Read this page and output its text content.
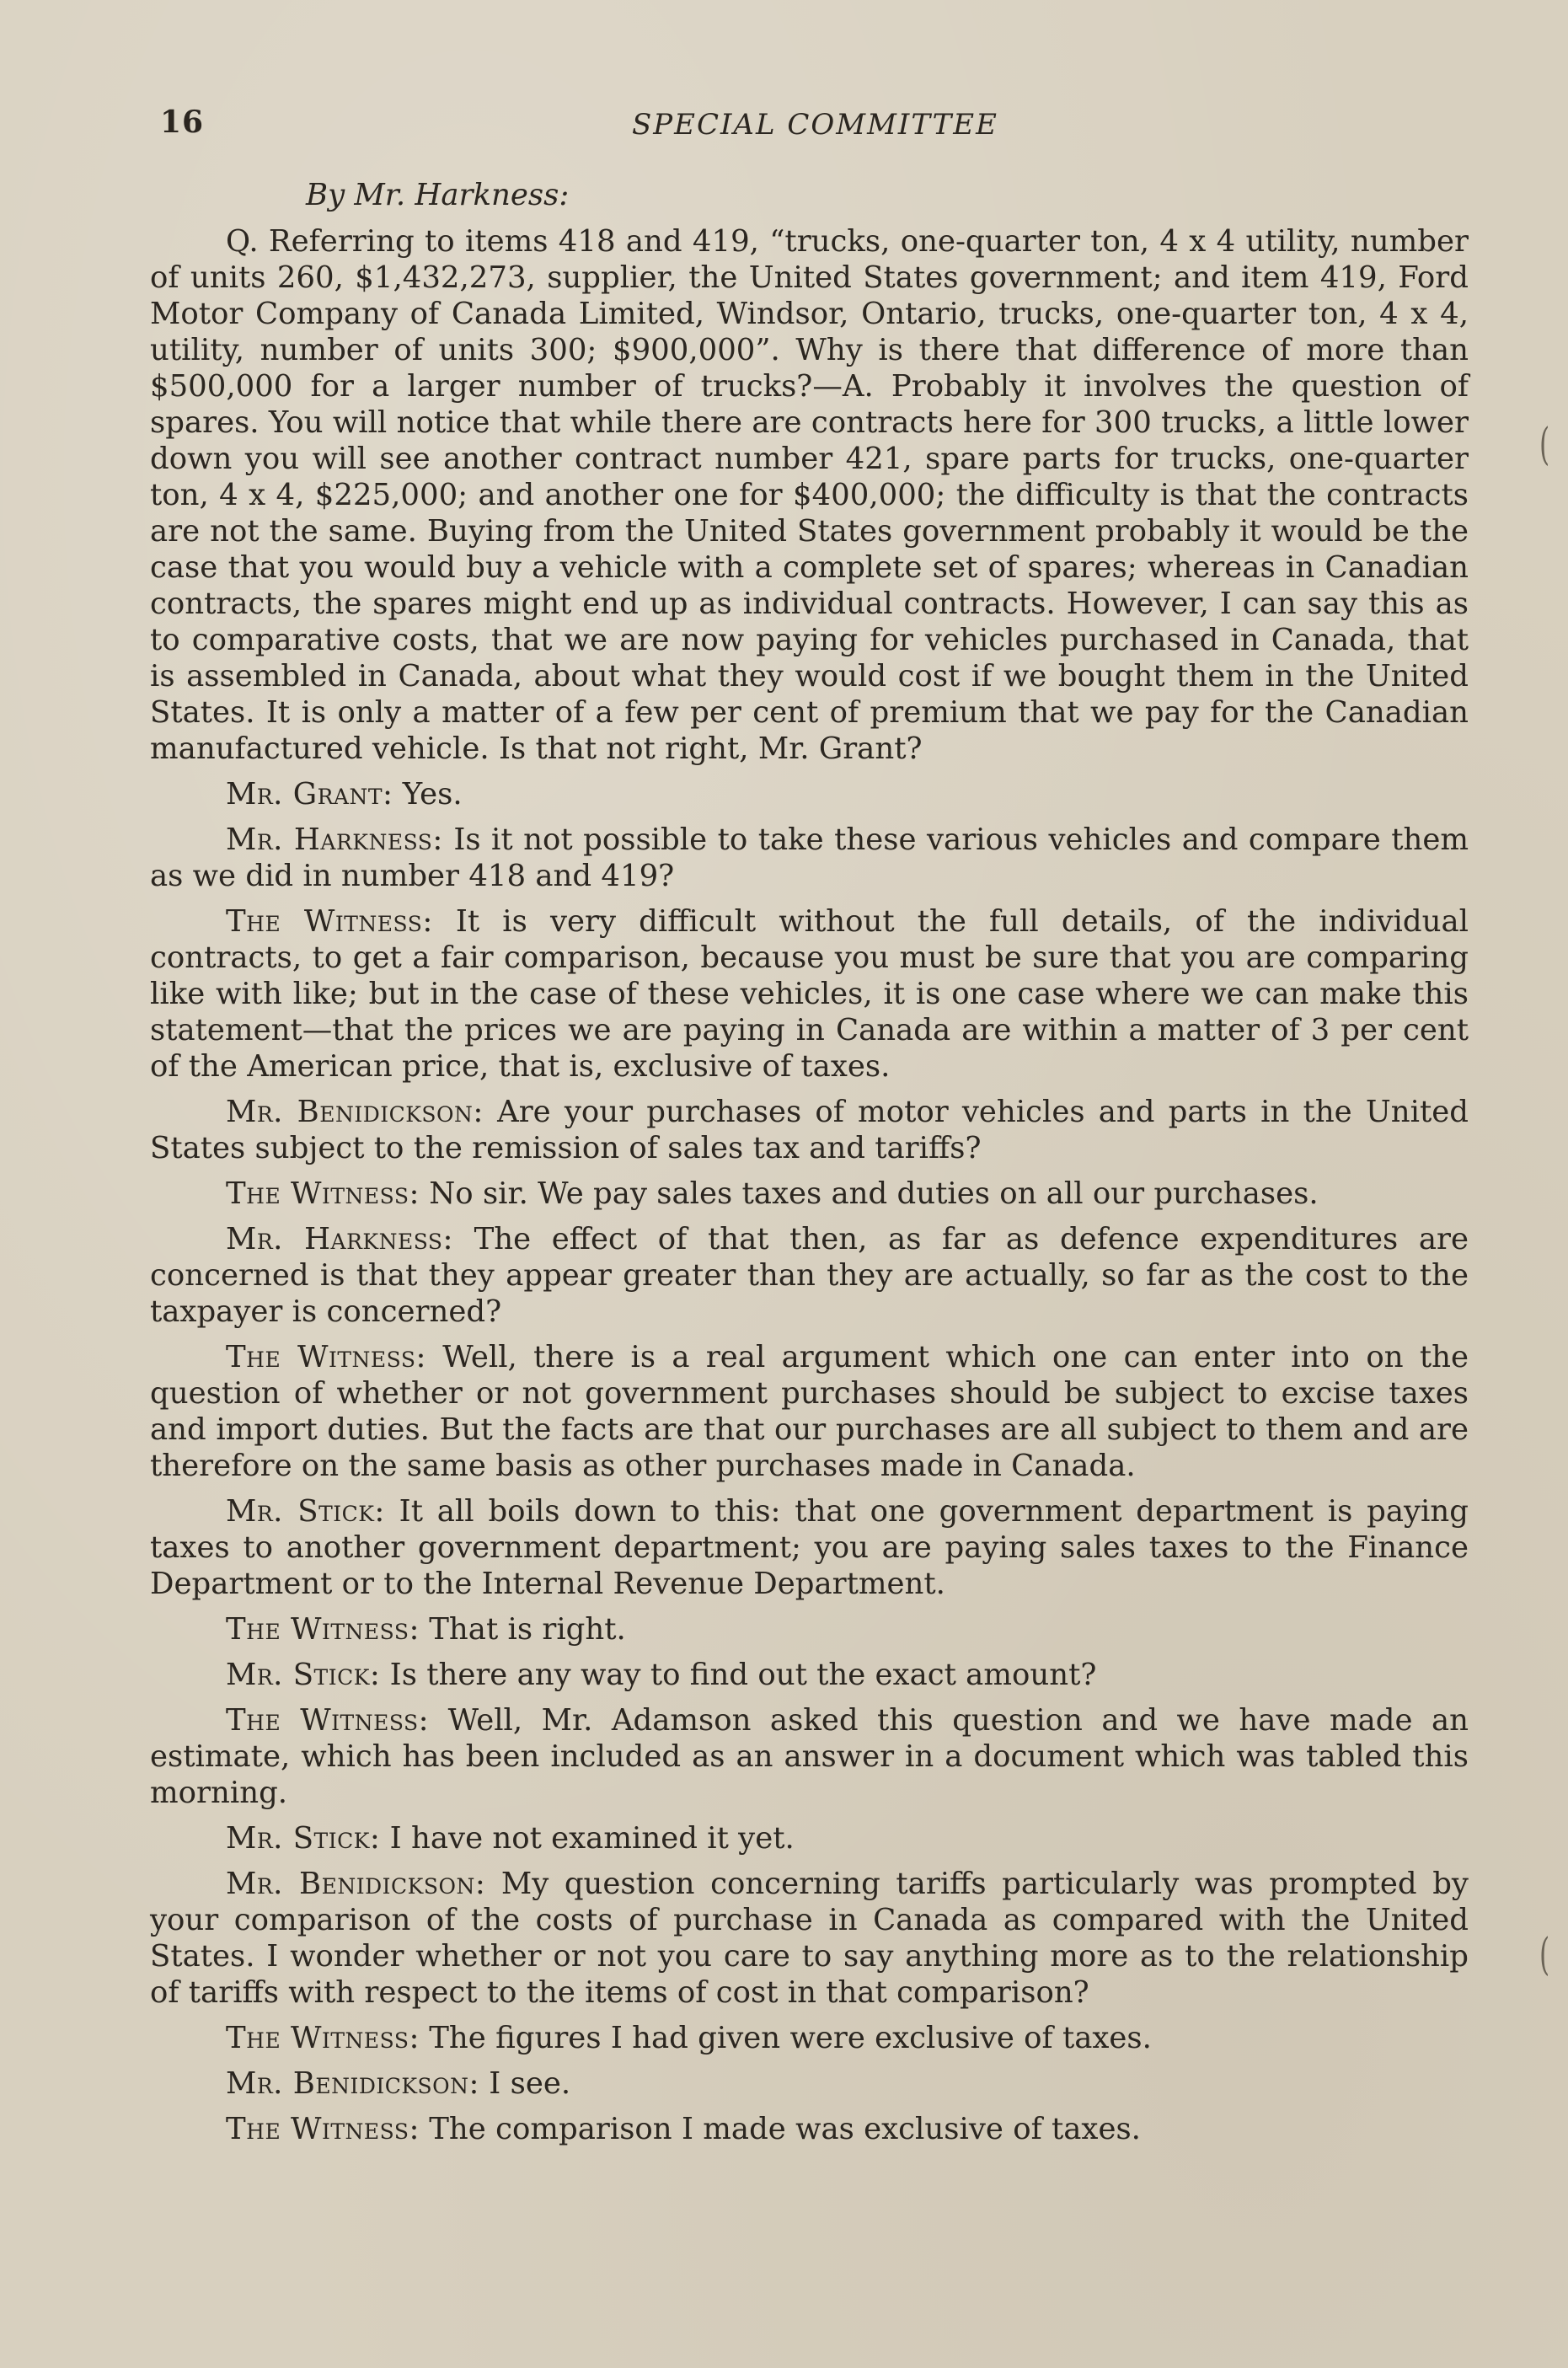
16	SPECIAL COMMITTEE

By Mr. Harkness:

Q. Referring to items 418 and 419, “trucks, one-quarter ton, 4 x 4 utility, number of units 260, $1,432,273, supplier, the United States government; and item 419, Ford Motor Company of Canada Limited, Windsor, Ontario, trucks, one-quarter ton, 4 x 4, utility, number of units 300; $900,000”. Why is there that difference of more than $500,000 for a larger number of trucks?—A. Probably it involves the question of spares. You will notice that while there are contracts here for 300 trucks, a little lower down you will see another contract number 421, spare parts for trucks, one-quarter ton, 4 x 4, $225,000; and another one for $400,000; the difficulty is that the contracts are not the same. Buying from the United States government probably it would be the case that you would buy a vehicle with a complete set of spares; whereas in Canadian contracts, the spares might end up as individual contracts. However, I can say this as to comparative costs, that we are now paying for vehicles purchased in Canada, that is assembled in Canada, about what they would cost if we bought them in the United States. It is only a matter of a few per cent of premium that we pay for the Canadian manufactured vehicle. Is that not right, Mr. Grant?

Mr. Grant: Yes.

Mr. Harkness: Is it not possible to take these various vehicles and compare them as we did in number 418 and 419?

The Witness: It is very difficult without the full details, of the individual contracts, to get a fair comparison, because you must be sure that you are comparing like with like; but in the case of these vehicles, it is one case where we can make this statement—that the prices we are paying in Canada are within a matter of 3 per cent of the American price, that is, exclusive of taxes.

Mr. Benidickson: Are your purchases of motor vehicles and parts in the United States subject to the remission of sales tax and tariffs?

The Witness: No sir. We pay sales taxes and duties on all our purchases.

Mr. Harkness: The effect of that then, as far as defence expenditures are concerned is that they appear greater than they are actually, so far as the cost to the taxpayer is concerned?

The Witness: Well, there is a real argument which one can enter into on the question of whether or not government purchases should be subject to excise taxes and import duties. But the facts are that our purchases are all subject to them and are therefore on the same basis as other purchases made in Canada.

Mr. Stick: It all boils down to this: that one government department is paying taxes to another government department; you are paying sales taxes to the Finance Department or to the Internal Revenue Department.

The Witness: That is right.

Mr. Stick: Is there any way to find out the exact amount?

The Witness: Well, Mr. Adamson asked this question and we have made an estimate, which has been included as an answer in a document which was tabled this morning.

Mr. Stick: I have not examined it yet.

Mr. Benidickson: My question concerning tariffs particularly was prompted by your comparison of the costs of purchase in Canada as compared with the United States. I wonder whether or not you care to say anything more as to the relationship of tariffs with respect to the items of cost in that comparison?

The Witness: The figures I had given were exclusive of taxes.

Mr. Benidickson: I see.

The Witness: The comparison I made was exclusive of taxes.

(
(
